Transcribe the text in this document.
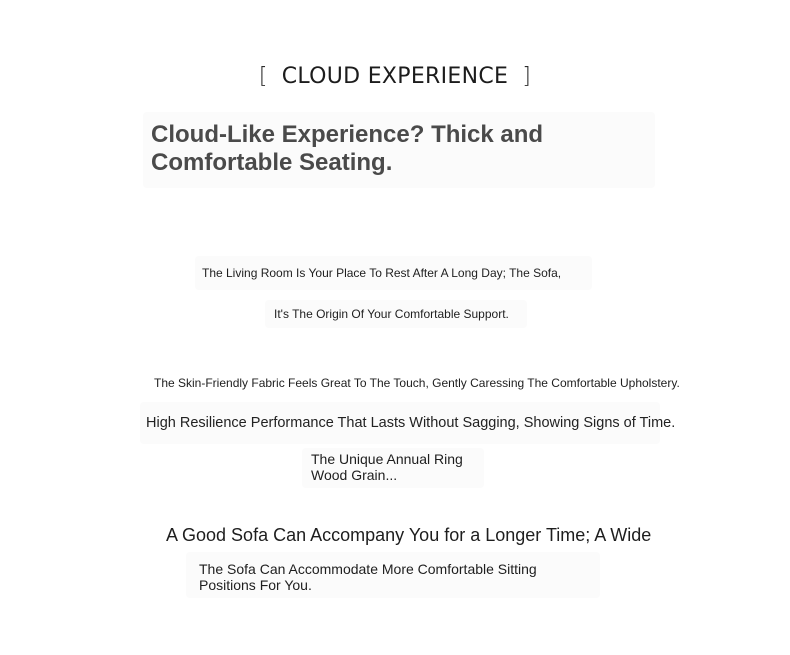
[ CLOUD EXPERIENCE ]
Cloud-Like Experience? Thick and Comfortable Seating.
The Living Room Is Your Place To Rest After A Long Day; The Sofa,
It's The Origin Of Your Comfortable Support.
The Skin-Friendly Fabric Feels Great To The Touch, Gently Caressing The Comfortable Upholstery.
High Resilience Performance That Lasts Without Sagging, Showing Signs of Time.

The Unique Annual Ring Wood Grain...

A Good Sofa Can Accompany You for a Longer Time; A Wide

The Sofa Can Accommodate More Comfortable Sitting Positions For You.
